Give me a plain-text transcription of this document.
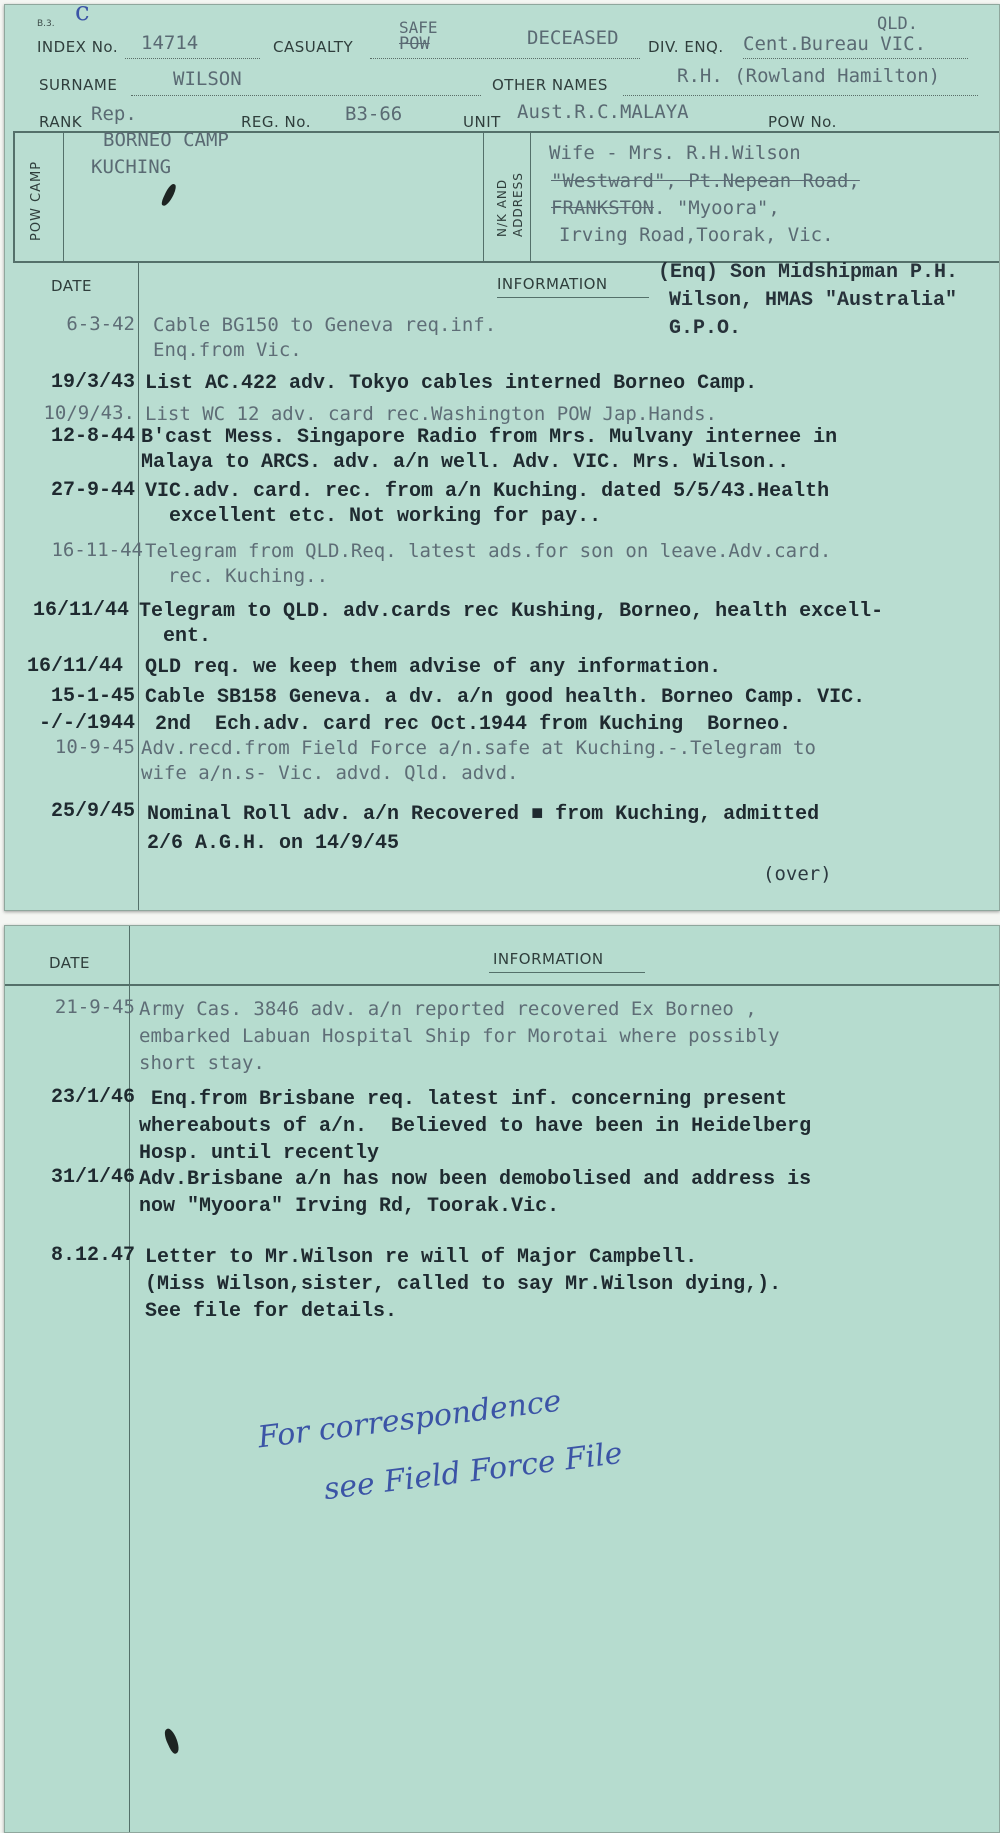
B.3. c
INDEX No. 14714	CASUALTY
SAFE
POW	DECEASED DIV. ENQ.
QLD.
Cent.Bureau VIC.
SURNAME	WILSON	OTHER NAMES	R.H. (Rowland Hamilton)
RANK Rep.	REG. No. B3-66	UNIT Aust.R.C.MALAYA	POW No.
POW CAMP
BORNEO CAMP
KUCHING
N/K AND ADDRESS
Wife - Mrs. R.H.Wilson
"Westward", Pt.Nepean Road,
FRANKSTON. "Myoora",
Irving Road,Toorak, Vic.
DATE	INFORMATION	(Enq) Son Midshipman P.H.
Wilson, HMAS "Australia"
G.P.O.
6-3-42 Cable BG150 to Geneva req.inf.
Enq.from Vic.
19/3/43 List AC.422 adv. Tokyo cables interned Borneo Camp.
10/9/43. List WC 12 adv. card rec.Washington POW Jap.Hands.
12-8-44 B'cast Mess. Singapore Radio from Mrs. Mulvany internee in
Malaya to ARCS. adv. a/n well. Adv. VIC. Mrs. Wilson..
27-9-44 VIC.adv. card. rec. from a/n Kuching. dated 5/5/43.Health
excellent etc. Not working for pay..
16-11-44 Telegram from QLD.Req. latest ads.for son on leave.Adv.card.
rec. Kuching..
16/11/44 Telegram to QLD. adv.cards rec Kushing, Borneo, health excell-
ent.
16/11/44 QLD req. we keep them advise of any information.
15-1-45 Cable SB158 Geneva. a dv. a/n good health. Borneo Camp. VIC.
-/-/1944 2nd  Ech.adv. card rec Oct.1944 from Kuching  Borneo.
10-9-45 Adv.recd.from Field Force a/n.safe at Kuching.-.Telegram to
wife a/n.s- Vic. advd. Qld. advd.
25/9/45 Nominal Roll adv. a/n Recovered ■ from Kuching, admitted
2/6 A.G.H. on 14/9/45
(over)
DATE	INFORMATION
21-9-45 Army Cas. 3846 adv. a/n reported recovered Ex Borneo ,
embarked Labuan Hospital Ship for Morotai where possibly
short stay.
23/1/46 Enq.from Brisbane req. latest inf. concerning present
whereabouts of a/n.  Believed to have been in Heidelberg
Hosp. until recently
31/1/46 Adv.Brisbane a/n has now been demobolised and address is
now "Myoora" Irving Rd, Toorak.Vic.
8.12.47 Letter to Mr.Wilson re will of Major Campbell.
(Miss Wilson,sister, called to say Mr.Wilson dying,).
See file for details.
For correspondence
see Field Force File
